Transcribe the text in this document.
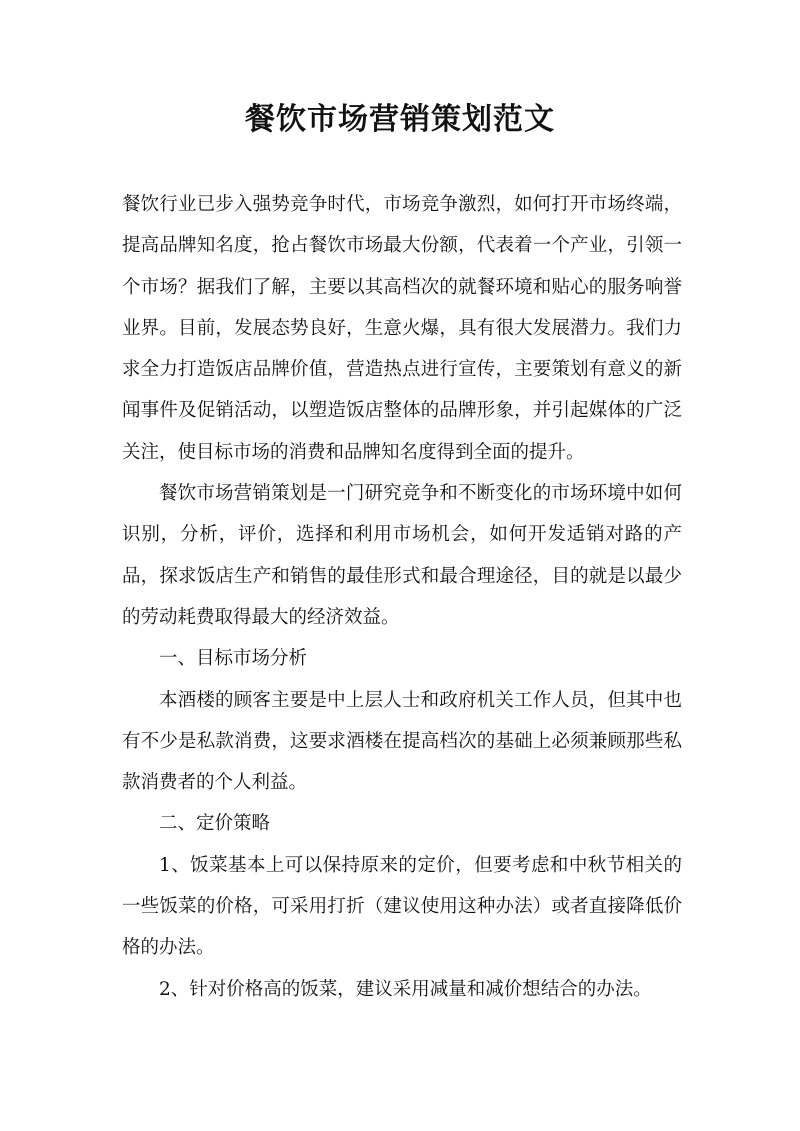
餐饮市场营销策划范文

餐饮行业已步入强势竞争时代，市场竞争激烈，如何打开市场终端，提高品牌知名度，抢占餐饮市场最大份额，代表着一个产业，引领一个市场？据我们了解，主要以其高档次的就餐环境和贴心的服务响誉业界。目前，发展态势良好，生意火爆，具有很大发展潜力。我们力求全力打造饭店品牌价值，营造热点进行宣传，主要策划有意义的新闻事件及促销活动，以塑造饭店整体的品牌形象，并引起媒体的广泛关注，使目标市场的消费和品牌知名度得到全面的提升。

餐饮市场营销策划是一门研究竞争和不断变化的市场环境中如何识别，分析，评价，选择和利用市场机会，如何开发适销对路的产品，探求饭店生产和销售的最佳形式和最合理途径，目的就是以最少的劳动耗费取得最大的经济效益。

一、目标市场分析

本酒楼的顾客主要是中上层人士和政府机关工作人员，但其中也有不少是私款消费，这要求酒楼在提高档次的基础上必须兼顾那些私款消费者的个人利益。

二、定价策略

1、饭菜基本上可以保持原来的定价，但要考虑和中秋节相关的一些饭菜的价格，可采用打折（建议使用这种办法）或者直接降低价格的办法。

2、针对价格高的饭菜，建议采用减量和减价想结合的办法。
